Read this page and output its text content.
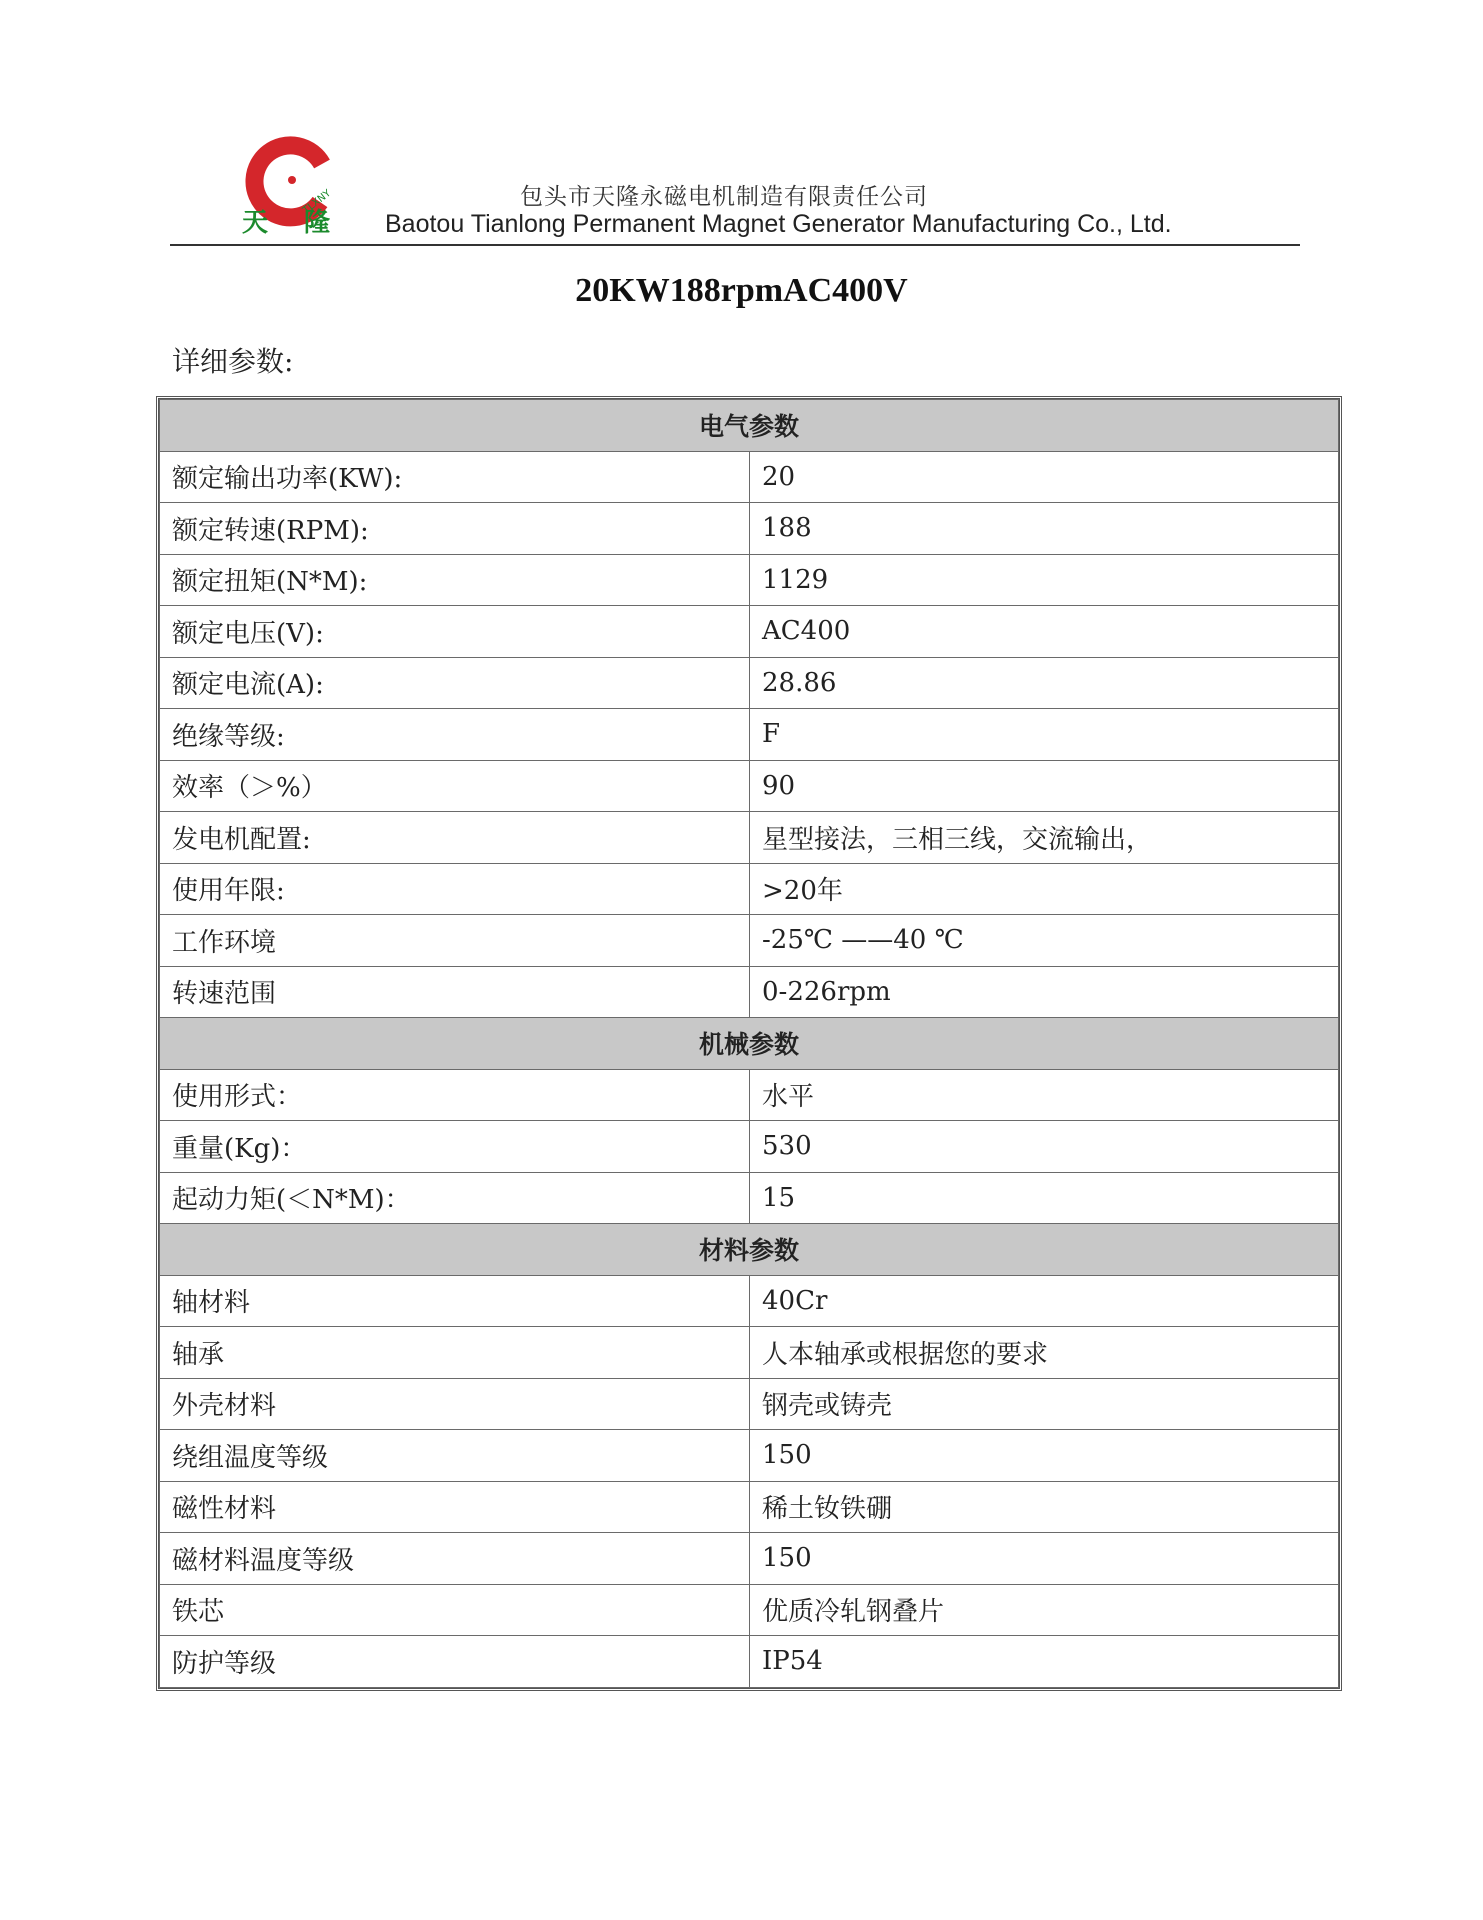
TLXNY
天 隆
包头市天隆永磁电机制造有限责任公司
Baotou Tianlong Permanent Magnet Generator Manufacturing Co., Ltd.
20KW188rpmAC400V
详细参数:
电气参数	
额定输出功率(KW):	20
额定转速(RPM):	188
额定扭矩(N*M):	1129
额定电压(V):	AC400
额定电流(A):	28.86
绝缘等级:	F
效率（＞%）	90
发电机配置:	星型接法，三相三线，交流输出，
使用年限:	>20年
工作环境	-25℃ ——40 ℃
转速范围	0-226rpm
机械参数	
使用形式：	水平
重量(Kg)：	530
起动力矩(＜N*M)：	15
材料参数	
轴材料	40Cr
轴承	人本轴承或根据您的要求
外壳材料	钢壳或铸壳
绕组温度等级	150
磁性材料	稀土钕铁硼
磁材料温度等级	150
铁芯	优质冷轧钢叠片
防护等级	IP54
